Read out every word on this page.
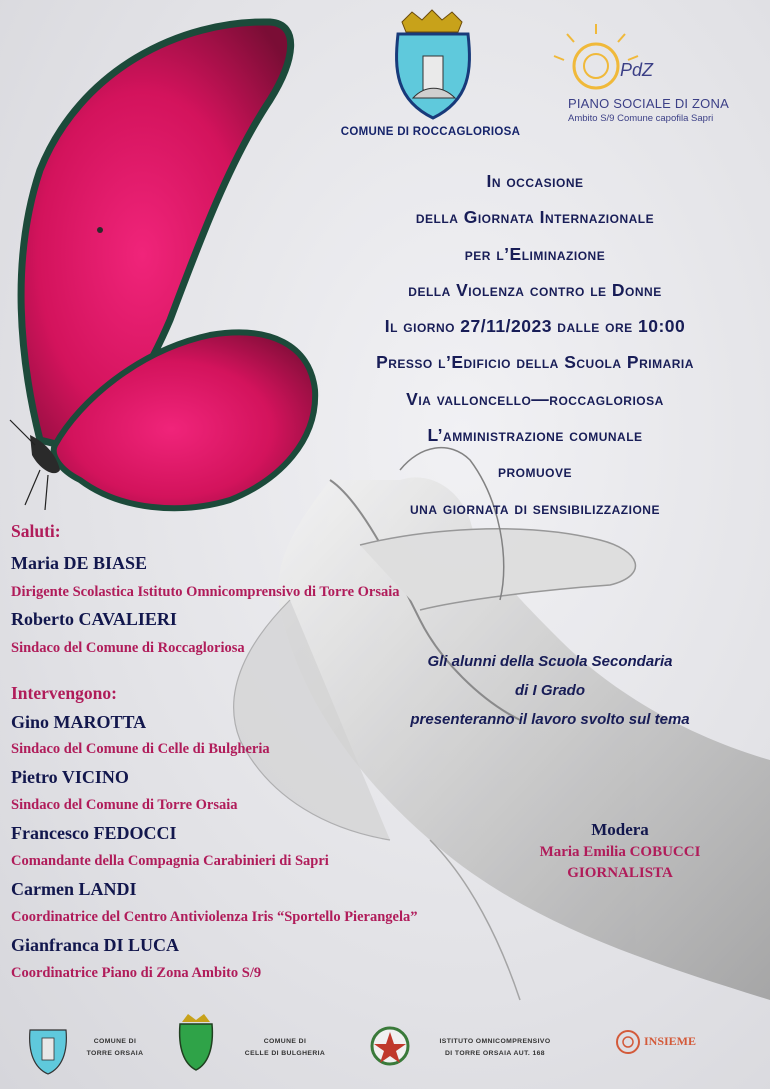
COMUNE DI ROCCAGLORIOSA
PdZ
PIANO SOCIALE DI ZONA
Ambito S/9 Comune capofila Sapri
In occasione
della Giornata Internazionale
per l’Eliminazione
della Violenza contro le Donne
Il giorno 27/11/2023 dalle ore 10:00
Presso l’Edificio della Scuola Primaria
Via valloncello—roccagloriosa
L’amministrazione comunale
promuove
una giornata di sensibilizzazione
Saluti:
Maria DE BIASE
Dirigente Scolastica Istituto Omnicomprensivo di Torre Orsaia
Roberto CAVALIERI
Sindaco del Comune di Roccagloriosa
Intervengono:
Gino MAROTTA
Sindaco del Comune di Celle di Bulgheria
Pietro VICINO
Sindaco del Comune di Torre Orsaia
Francesco FEDOCCI
Comandante della Compagnia Carabinieri di Sapri
Carmen LANDI
Coordinatrice del Centro Antiviolenza Iris “Sportello Pierangela”
Gianfranca DI LUCA
Coordinatrice Piano di Zona Ambito S/9
Gli alunni della Scuola Secondaria
di I Grado
presenteranno il lavoro svolto sul tema
Modera
Maria Emilia COBUCCI
GIORNALISTA
COMUNE DI
TORRE ORSAIA
COMUNE DI
CELLE DI BULGHERIA
ISTITUTO OMNICOMPRENSIVO
DI TORRE ORSAIA AUT. 168
INSIEME
